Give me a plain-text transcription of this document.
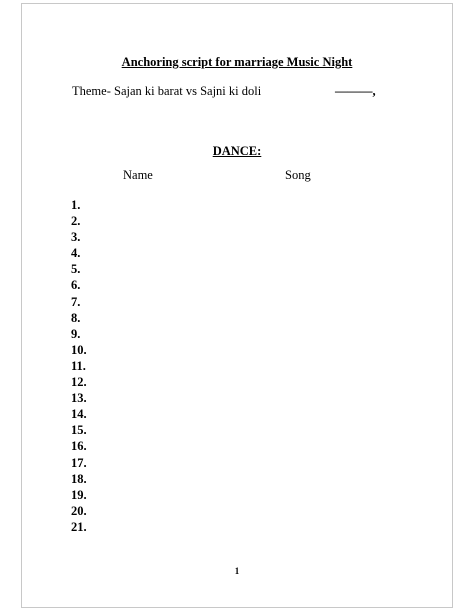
Anchoring script for marriage Music Night
Theme- Sajan ki barat vs Sajni ki doli	———,
DANCE:
Name	Song
1.
2.
3.
4.
5.
6.
7.
8.
9.
10.
11.
12.
13.
14.
15.
16.
17.
18.
19.
20.
21.
1
